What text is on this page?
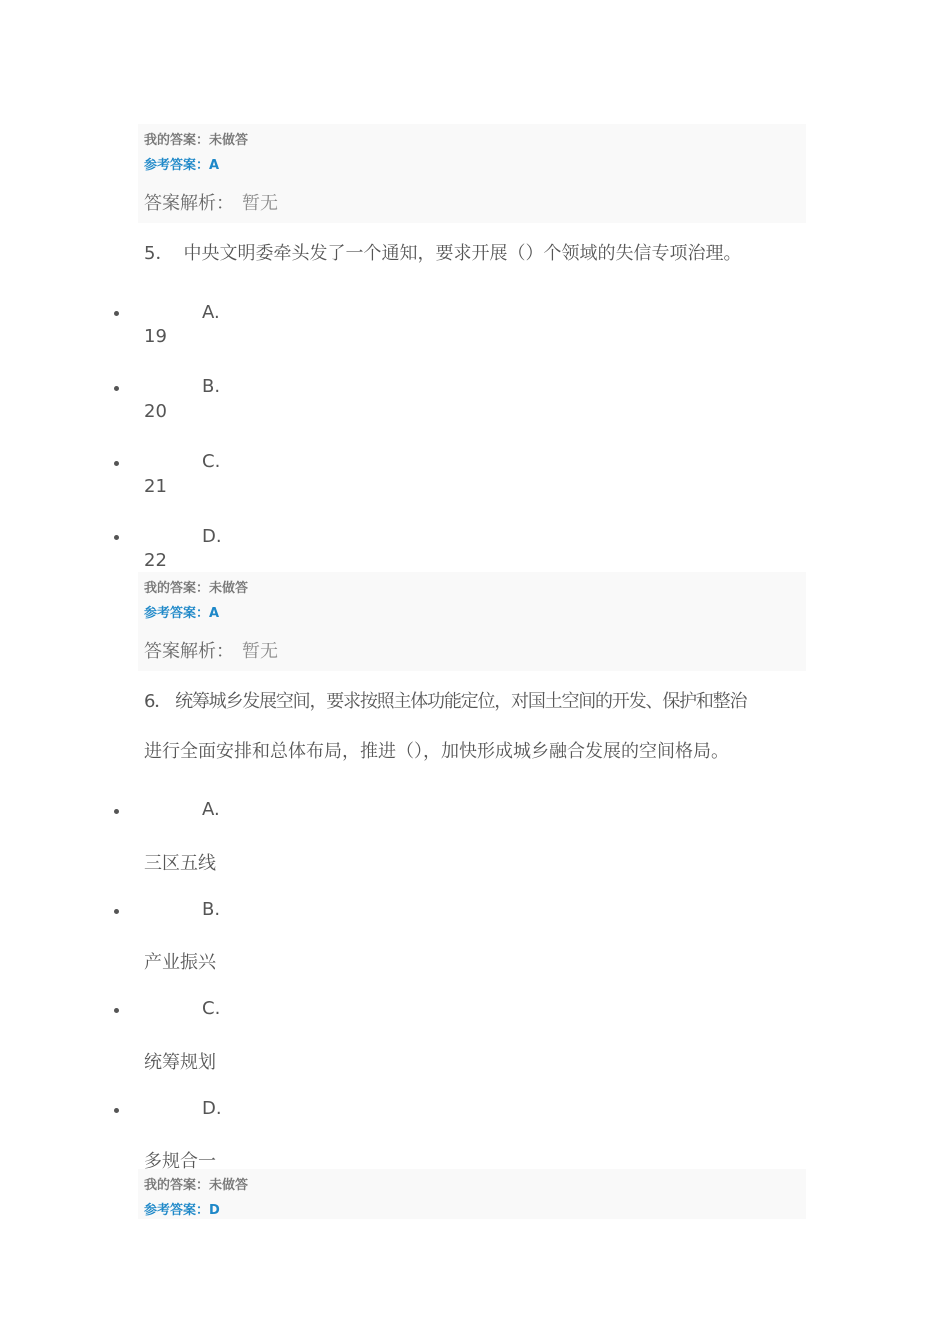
我的答案：未做答
参考答案：A
答案解析： 暂无
5． 中央文明委牵头发了一个通知，要求开展（）个领域的失信专项治理。
A.
19
B.
20
C.
21
D.
22
我的答案：未做答
参考答案：A
答案解析： 暂无
6． 统筹城乡发展空间，要求按照主体功能定位，对国土空间的开发、保护和整治
进行全面安排和总体布局，推进（），加快形成城乡融合发展的空间格局。
A.
三区五线
B.
产业振兴
C.
统筹规划
D.
多规合一
我的答案：未做答
参考答案：D
